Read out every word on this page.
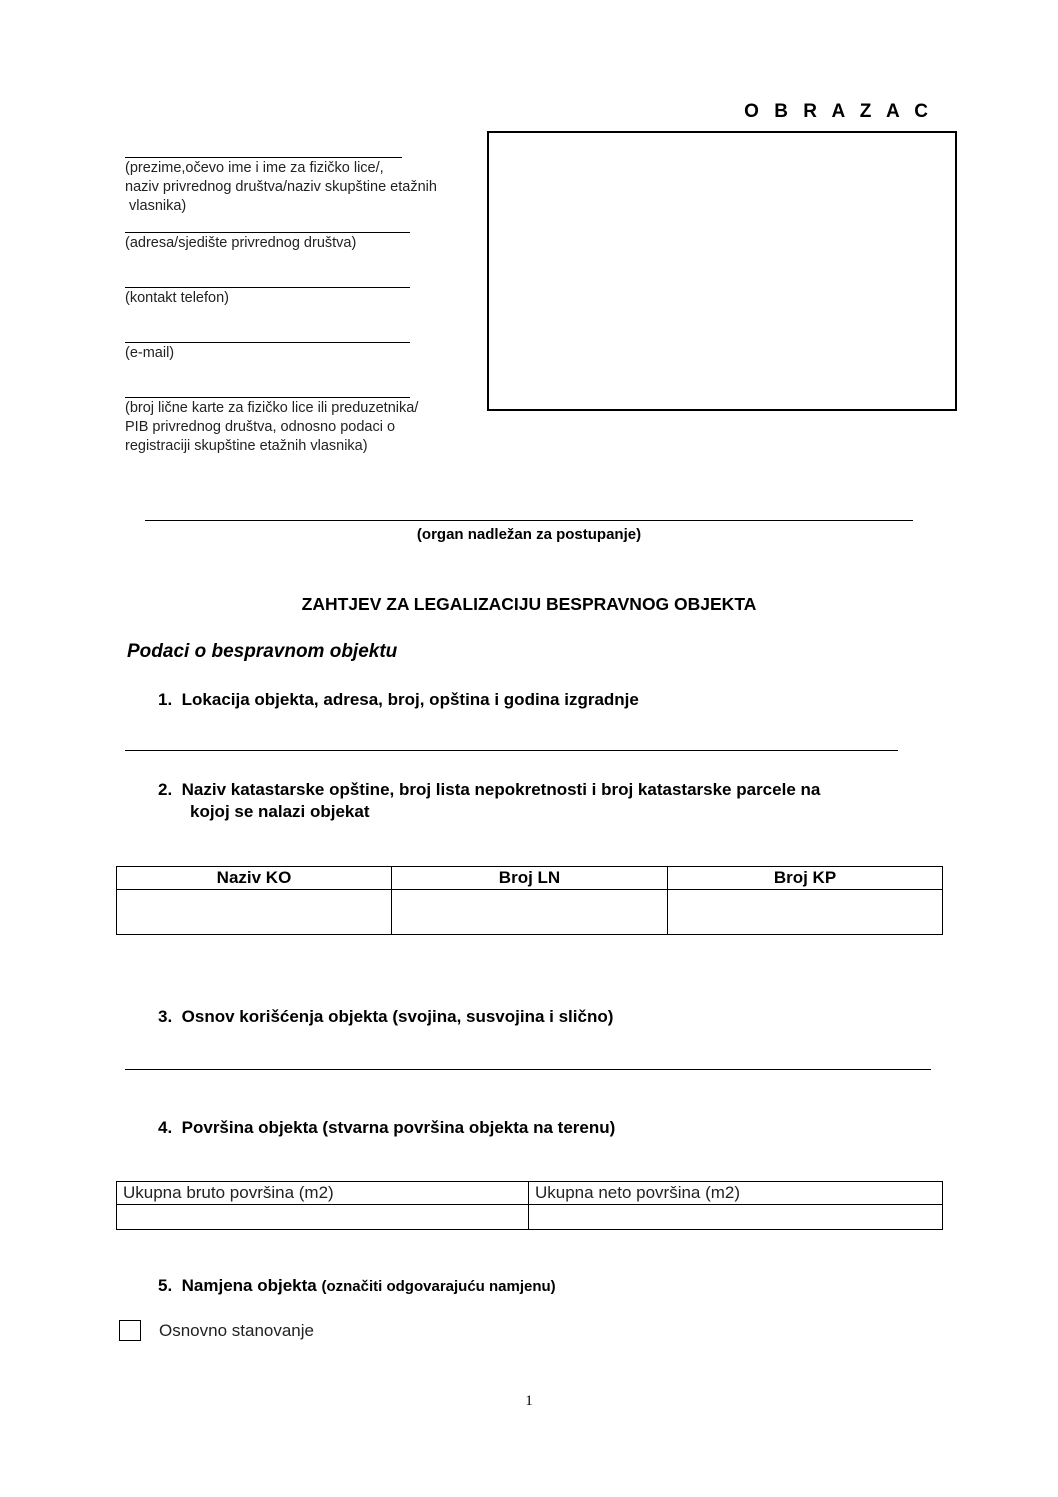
O B R A Z A C
(prezime,očevo ime i ime za fizičko lice/,
naziv privrednog društva/naziv skupštine etažnih
vlasnika)
(adresa/sjedište privrednog društva)
(kontakt telefon)
(e-mail)
(broj lične karte za fizičko lice ili preduzetnika/
PIB privrednog društva, odnosno podaci o
registraciji skupštine etažnih vlasnika)
(organ nadležan za postupanje)
ZAHTJEV ZA LEGALIZACIJU BESPRAVNOG OBJEKTA
Podaci o bespravnom objektu
1. Lokacija objekta, adresa, broj, opština i godina izgradnje
2. Naziv katastarske opštine, broj lista nepokretnosti i broj katastarske parcele na
kojoj se nalazi objekat
Naziv KO	Broj LN	Broj KP

3. Osnov korišćenja objekta (svojina, susvojina i slično)
4. Površina objekta (stvarna površina objekta na terenu)
Ukupna bruto površina (m2)	Ukupna neto površina (m2)

5. Namjena objekta (označiti odgovarajuću namjenu)
Osnovno stanovanje
1
